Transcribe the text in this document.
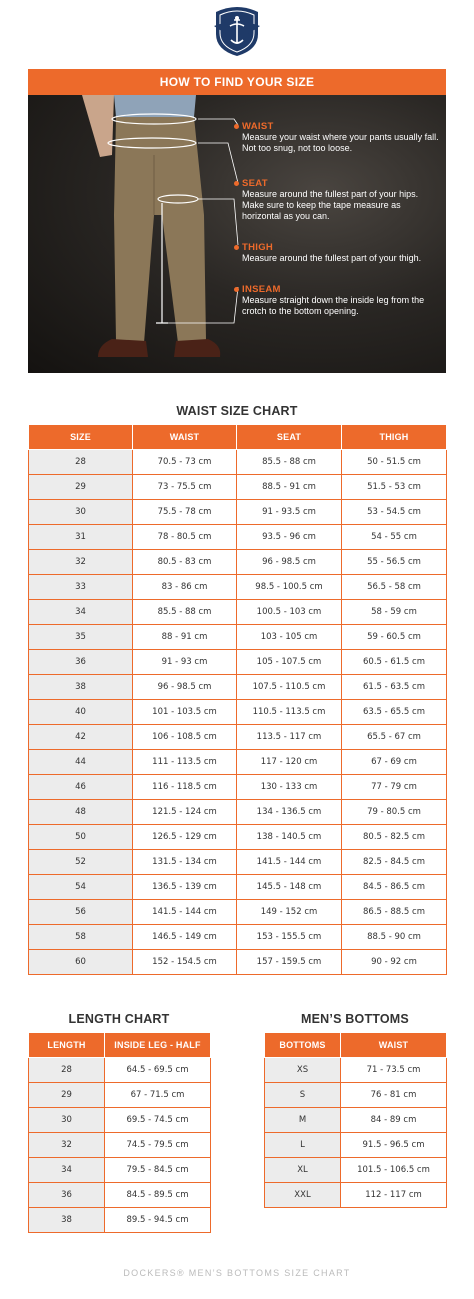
HOW TO FIND YOUR SIZE
WAIST
Measure your waist where your pants usually fall. Not too snug, not too loose.
SEAT
Measure around the fullest part of your hips. Make sure to keep the tape measure as horizontal as you can.
THIGH
Measure around the fullest part of your thigh.
INSEAM
Measure straight down the inside leg from the crotch to the bottom opening.
WAIST SIZE CHART
SIZE	WAIST	SEAT	THIGH
28	70.5 - 73 cm	85.5 - 88 cm	50 - 51.5 cm
29	73 - 75.5 cm	88.5 - 91 cm	51.5 - 53 cm
30	75.5 - 78 cm	91 - 93.5 cm	53 - 54.5 cm
31	78 - 80.5 cm	93.5 - 96 cm	54 - 55 cm
32	80.5 - 83 cm	96 - 98.5 cm	55 - 56.5 cm
33	83 - 86 cm	98.5 - 100.5 cm	56.5 - 58 cm
34	85.5 - 88 cm	100.5 - 103 cm	58 - 59 cm
35	88 - 91 cm	103 - 105 cm	59 - 60.5 cm
36	91 - 93 cm	105 - 107.5 cm	60.5 - 61.5 cm
38	96 - 98.5 cm	107.5 - 110.5 cm	61.5 - 63.5 cm
40	101 - 103.5 cm	110.5 - 113.5 cm	63.5 - 65.5 cm
42	106 - 108.5 cm	113.5 - 117 cm	65.5 - 67 cm
44	111 - 113.5 cm	117 - 120 cm	67 - 69 cm
46	116 - 118.5 cm	130 - 133 cm	77 - 79 cm
48	121.5 - 124 cm	134 - 136.5 cm	79 - 80.5 cm
50	126.5 - 129 cm	138 - 140.5 cm	80.5 - 82.5 cm
52	131.5 - 134 cm	141.5 - 144 cm	82.5 - 84.5 cm
54	136.5 - 139 cm	145.5 - 148 cm	84.5 - 86.5 cm
56	141.5 - 144 cm	149 - 152 cm	86.5 - 88.5 cm
58	146.5 - 149 cm	153 - 155.5 cm	88.5 - 90 cm
60	152 - 154.5 cm	157 - 159.5 cm	90 - 92 cm
LENGTH CHART
LENGTH	INSIDE LEG - HALF
28	64.5 - 69.5 cm
29	67 - 71.5 cm
30	69.5 - 74.5 cm
32	74.5 - 79.5 cm
34	79.5 - 84.5 cm
36	84.5 - 89.5 cm
38	89.5 - 94.5 cm
MEN’S BOTTOMS
BOTTOMS	WAIST
XS	71 - 73.5 cm
S	76 - 81 cm
M	84 - 89 cm
L	91.5 - 96.5 cm
XL	101.5 - 106.5 cm
XXL	112 - 117 cm
DOCKERS® MEN’S BOTTOMS SIZE CHART
